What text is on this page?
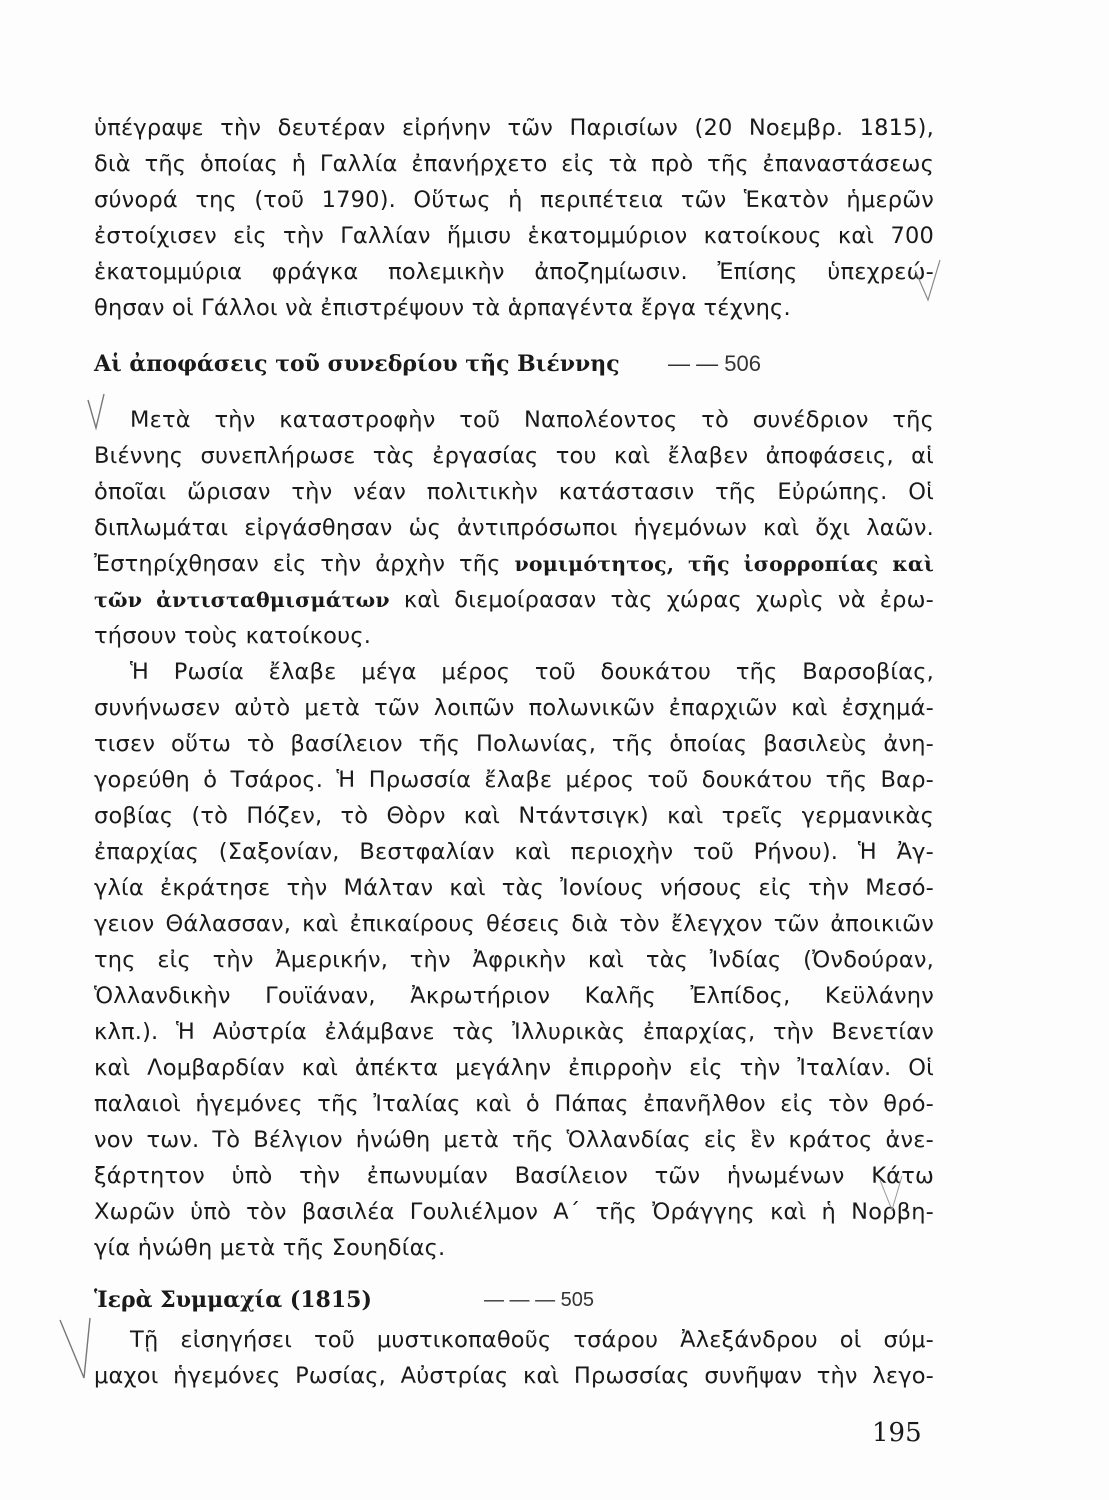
ὑπέγραψε τὴν δευτέραν εἰρήνην τῶν Παρισίων (20 Νοεμβρ. 1815),
διὰ τῆς ὁποίας ἡ Γαλλία ἐπανήρχετο εἰς τὰ πρὸ τῆς ἐπαναστάσεως
σύνορά της (τοῦ 1790). Οὕτως ἡ περιπέτεια τῶν Ἑκατὸν ἡμερῶν
ἐστοίχισεν εἰς τὴν Γαλλίαν ἥμισυ ἑκατομμύριον κατοίκους καὶ 700
ἑκατομμύρια φράγκα πολεμικὴν ἀποζημίωσιν. Ἐπίσης ὑπεχρεώ-
θησαν οἱ Γάλλοι νὰ ἐπιστρέψουν τὰ ἁρπαγέντα ἔργα τέχνης.
Αἱ ἀποφάσεις τοῦ συνεδρίου τῆς Βιέννης — — 506
Μετὰ τὴν καταστροφὴν τοῦ Ναπολέοντος τὸ συνέδριον τῆς
Βιέννης συνεπλήρωσε τὰς ἐργασίας του καὶ ἔλαβεν ἀποφάσεις, αἱ
ὁποῖαι ὥρισαν τὴν νέαν πολιτικὴν κατάστασιν τῆς Εὐρώπης. Οἱ
διπλωμάται εἰργάσθησαν ὡς ἀντιπρόσωποι ἡγεμόνων καὶ ὄχι λαῶν.
Ἐστηρίχθησαν εἰς τὴν ἀρχὴν τῆς νομιμότητος, τῆς ἰσορροπίας καὶ
τῶν ἀντισταθμισμάτων καὶ διεμοίρασαν τὰς χώρας χωρὶς νὰ ἐρω-
τήσουν τοὺς κατοίκους.
Ἡ Ρωσία ἔλαβε μέγα μέρος τοῦ δουκάτου τῆς Βαρσοβίας,
συνήνωσεν αὐτὸ μετὰ τῶν λοιπῶν πολωνικῶν ἐπαρχιῶν καὶ ἐσχημά-
τισεν οὕτω τὸ βασίλειον τῆς Πολωνίας, τῆς ὁποίας βασιλεὺς ἀνη-
γορεύθη ὁ Τσάρος. Ἡ Πρωσσία ἔλαβε μέρος τοῦ δουκάτου τῆς Βαρ-
σοβίας (τὸ Πόζεν, τὸ Θὸρν καὶ Ντάντσιγκ) καὶ τρεῖς γερμανικὰς
ἐπαρχίας (Σαξονίαν, Βεστφαλίαν καὶ περιοχὴν τοῦ Ρήνου). Ἡ Ἀγ-
γλία ἐκράτησε τὴν Μάλταν καὶ τὰς Ἰονίους νήσους εἰς τὴν Μεσό-
γειον Θάλασσαν, καὶ ἐπικαίρους θέσεις διὰ τὸν ἔλεγχον τῶν ἀποικιῶν
της εἰς τὴν Ἀμερικήν, τὴν Ἀφρικὴν καὶ τὰς Ἰνδίας (Ὀνδούραν,
Ὁλλανδικὴν Γουϊάναν, Ἀκρωτήριον Καλῆς Ἐλπίδος, Κεϋλάνην
κλπ.). Ἡ Αὐστρία ἐλάμβανε τὰς Ἰλλυρικὰς ἐπαρχίας, τὴν Βενετίαν
καὶ Λομβαρδίαν καὶ ἀπέκτα μεγάλην ἐπιρροὴν εἰς τὴν Ἰταλίαν. Οἱ
παλαιοὶ ἡγεμόνες τῆς Ἰταλίας καὶ ὁ Πάπας ἐπανῆλθον εἰς τὸν θρό-
νον των. Τὸ Βέλγιον ἡνώθη μετὰ τῆς Ὁλλανδίας εἰς ἓν κράτος ἀνε-
ξάρτητον ὑπὸ τὴν ἐπωνυμίαν Βασίλειον τῶν ἡνωμένων Κάτω
Χωρῶν ὑπὸ τὸν βασιλέα Γουλιέλμον Α΄ τῆς Ὀράγγης καὶ ἡ Νορβη-
γία ἡνώθη μετὰ τῆς Σουηδίας.
Ἱερὰ Συμμαχία (1815)	— — — 505
Τῇ εἰσηγήσει τοῦ μυστικοπαθοῦς τσάρου Ἀλεξάνδρου οἱ σύμ-
μαχοι ἡγεμόνες Ρωσίας, Αὐστρίας καὶ Πρωσσίας συνῆψαν τὴν λεγο-
195
